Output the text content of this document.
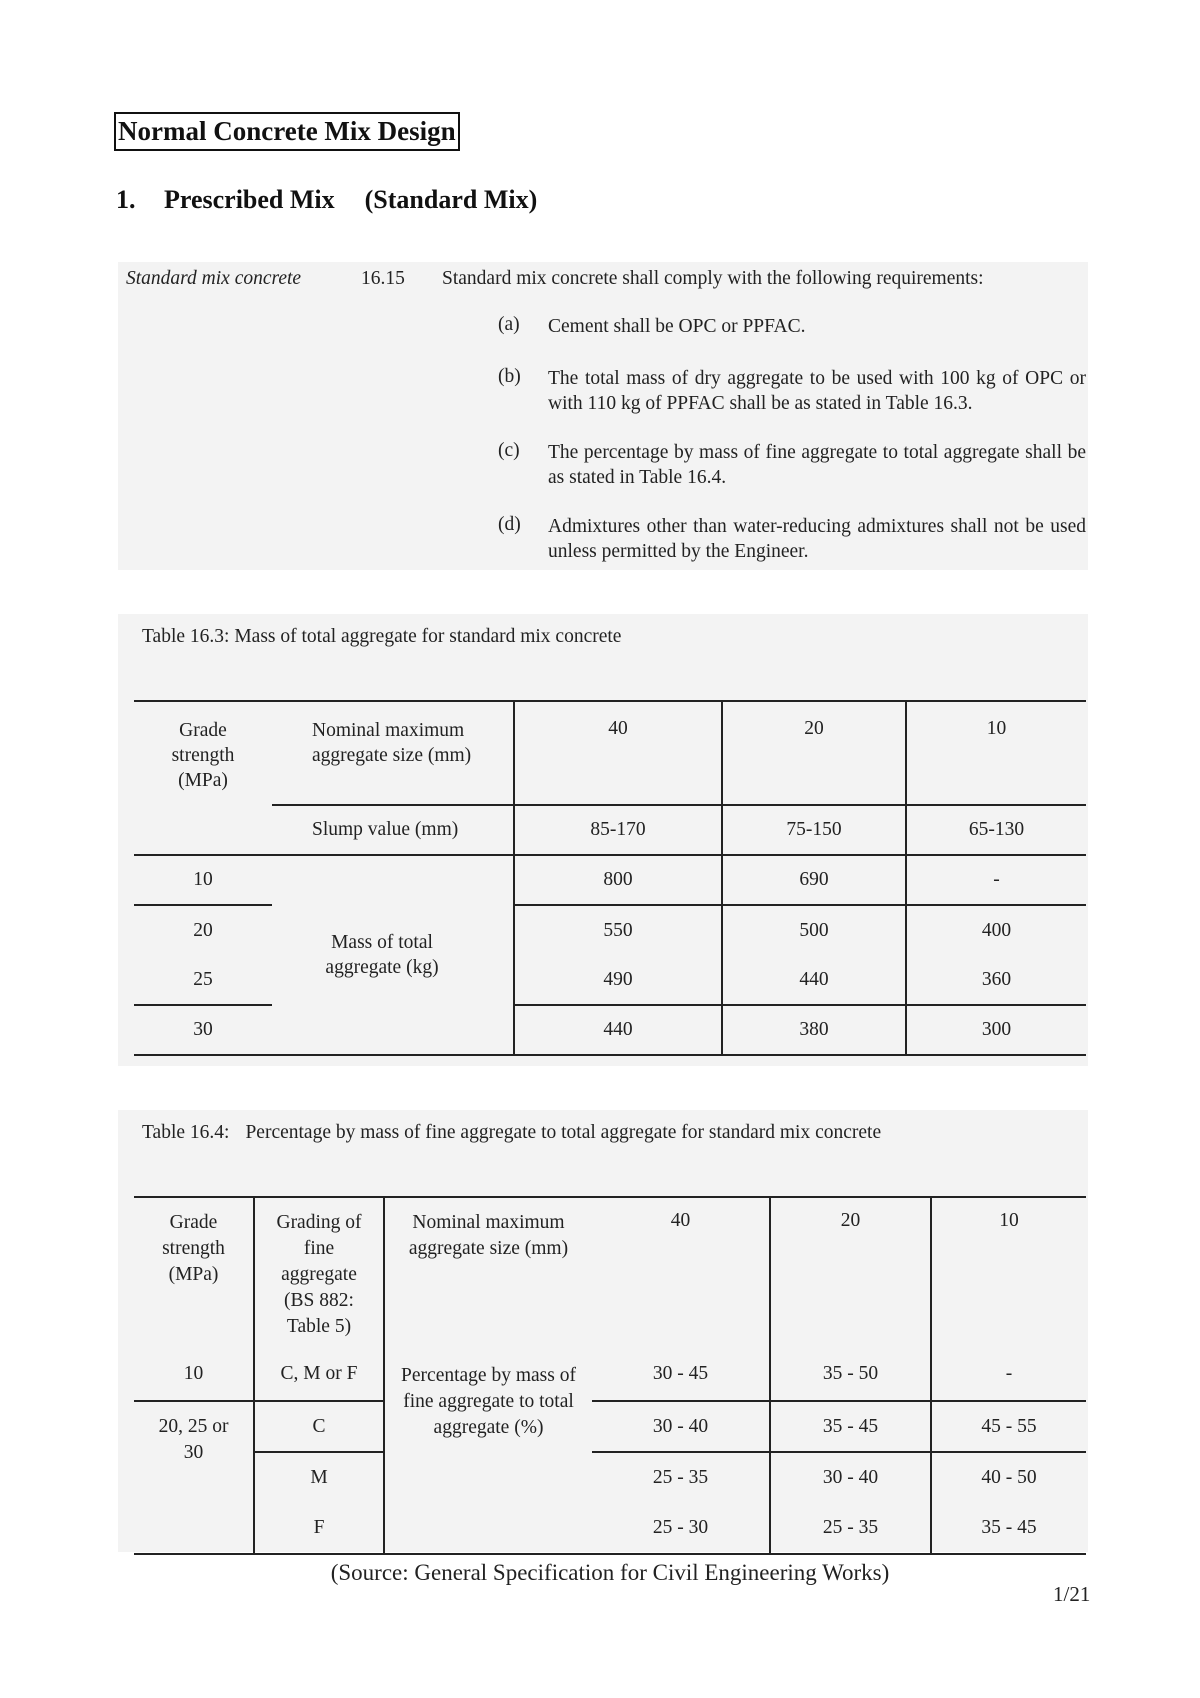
Normal Concrete Mix Design
1. Prescribed Mix (Standard Mix)
Standard mix concrete	16.15 Standard mix concrete shall comply with the following requirements:
(a) Cement shall be OPC or PPFAC.
(b) The total mass of dry aggregate to be used with 100 kg of OPC or with 110 kg of PPFAC shall be as stated in Table 16.3.
(c) The percentage by mass of fine aggregate to total aggregate shall be as stated in Table 16.4.
(d) Admixtures other than water-reducing admixtures shall not be used unless permitted by the Engineer.
Table 16.3: Mass of total aggregate for standard mix concrete
Grade strength (MPa)	Nominal maximum aggregate size (mm)	40	20	10
	Slump value (mm)	85-170	75-150	65-130
10	Mass of total aggregate (kg)	800	690	-
20		550	500	400
25		490	440	360
30		440	380	300
Table 16.4: Percentage by mass of fine aggregate to total aggregate for standard mix concrete
Grade strength (MPa)	Grading of fine aggregate (BS 882: Table 5)	Nominal maximum aggregate size (mm)	40	20	10
10	C, M or F	Percentage by mass of fine aggregate to total aggregate (%)	30 - 45	35 - 50	-

20, 25 or 30	C		30 - 40	35 - 45	45 - 55
	M		25 - 35	30 - 40	40 - 50
	F		25 - 30	25 - 35	35 - 45
(Source: General Specification for Civil Engineering Works)
1/21
